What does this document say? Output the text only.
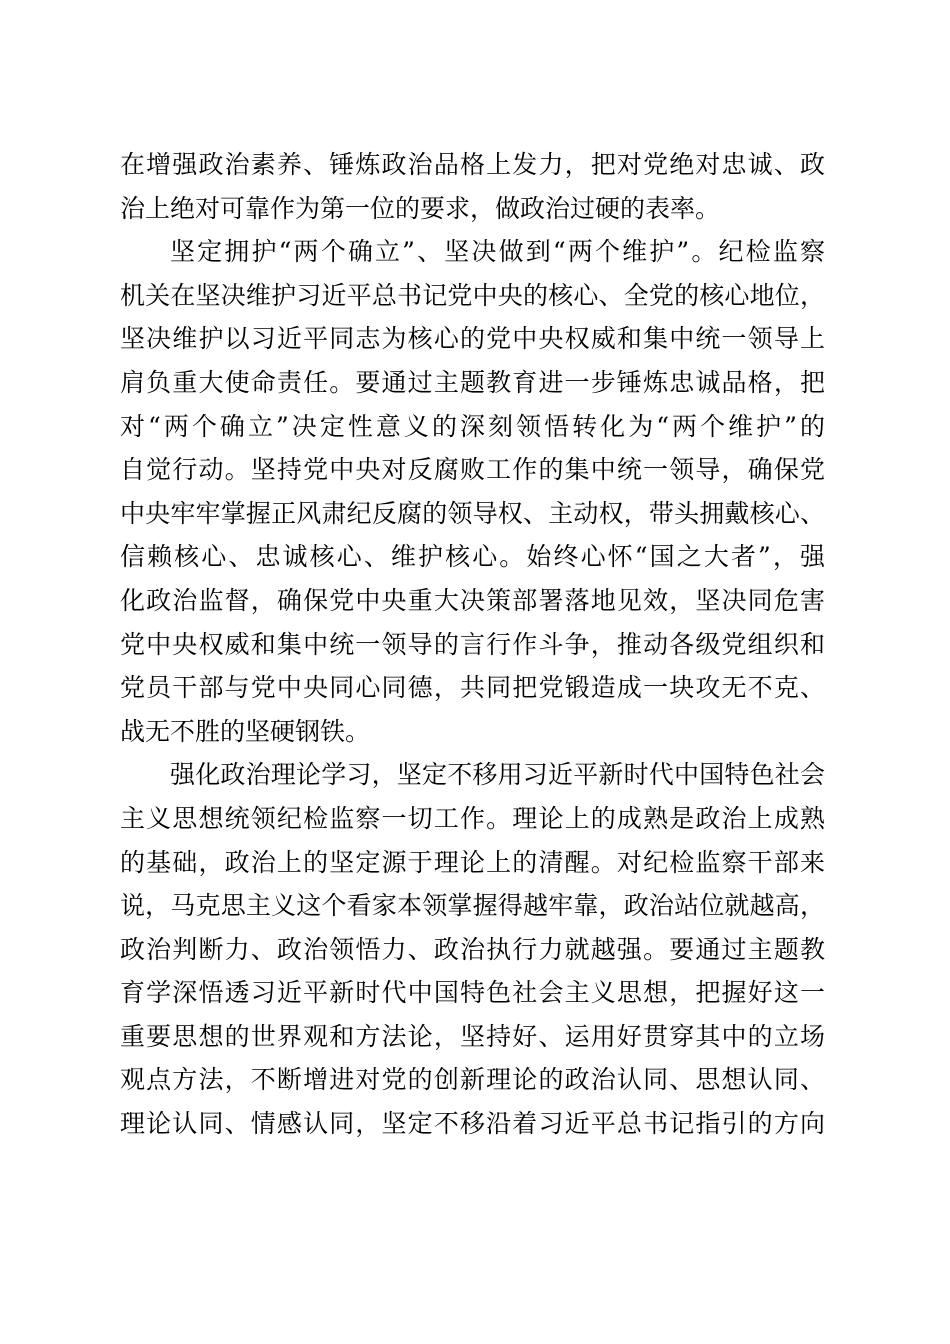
在增强政治素养、锤炼政治品格上发力，把对党绝对忠诚、政
治上绝对可靠作为第一位的要求，做政治过硬的表率。
坚定拥护“两个确立”、坚决做到“两个维护”。纪检监察
机关在坚决维护习近平总书记党中央的核心、全党的核心地位，
坚决维护以习近平同志为核心的党中央权威和集中统一领导上
肩负重大使命责任。要通过主题教育进一步锤炼忠诚品格，把
对“两个确立”决定性意义的深刻领悟转化为“两个维护”的
自觉行动。坚持党中央对反腐败工作的集中统一领导，确保党
中央牢牢掌握正风肃纪反腐的领导权、主动权，带头拥戴核心、
信赖核心、忠诚核心、维护核心。始终心怀“国之大者”，强
化政治监督，确保党中央重大决策部署落地见效，坚决同危害
党中央权威和集中统一领导的言行作斗争，推动各级党组织和
党员干部与党中央同心同德，共同把党锻造成一块攻无不克、
战无不胜的坚硬钢铁。
强化政治理论学习，坚定不移用习近平新时代中国特色社会
主义思想统领纪检监察一切工作。理论上的成熟是政治上成熟
的基础，政治上的坚定源于理论上的清醒。对纪检监察干部来
说，马克思主义这个看家本领掌握得越牢靠，政治站位就越高，
政治判断力、政治领悟力、政治执行力就越强。要通过主题教
育学深悟透习近平新时代中国特色社会主义思想，把握好这一
重要思想的世界观和方法论，坚持好、运用好贯穿其中的立场
观点方法，不断增进对党的创新理论的政治认同、思想认同、
理论认同、情感认同，坚定不移沿着习近平总书记指引的方向
